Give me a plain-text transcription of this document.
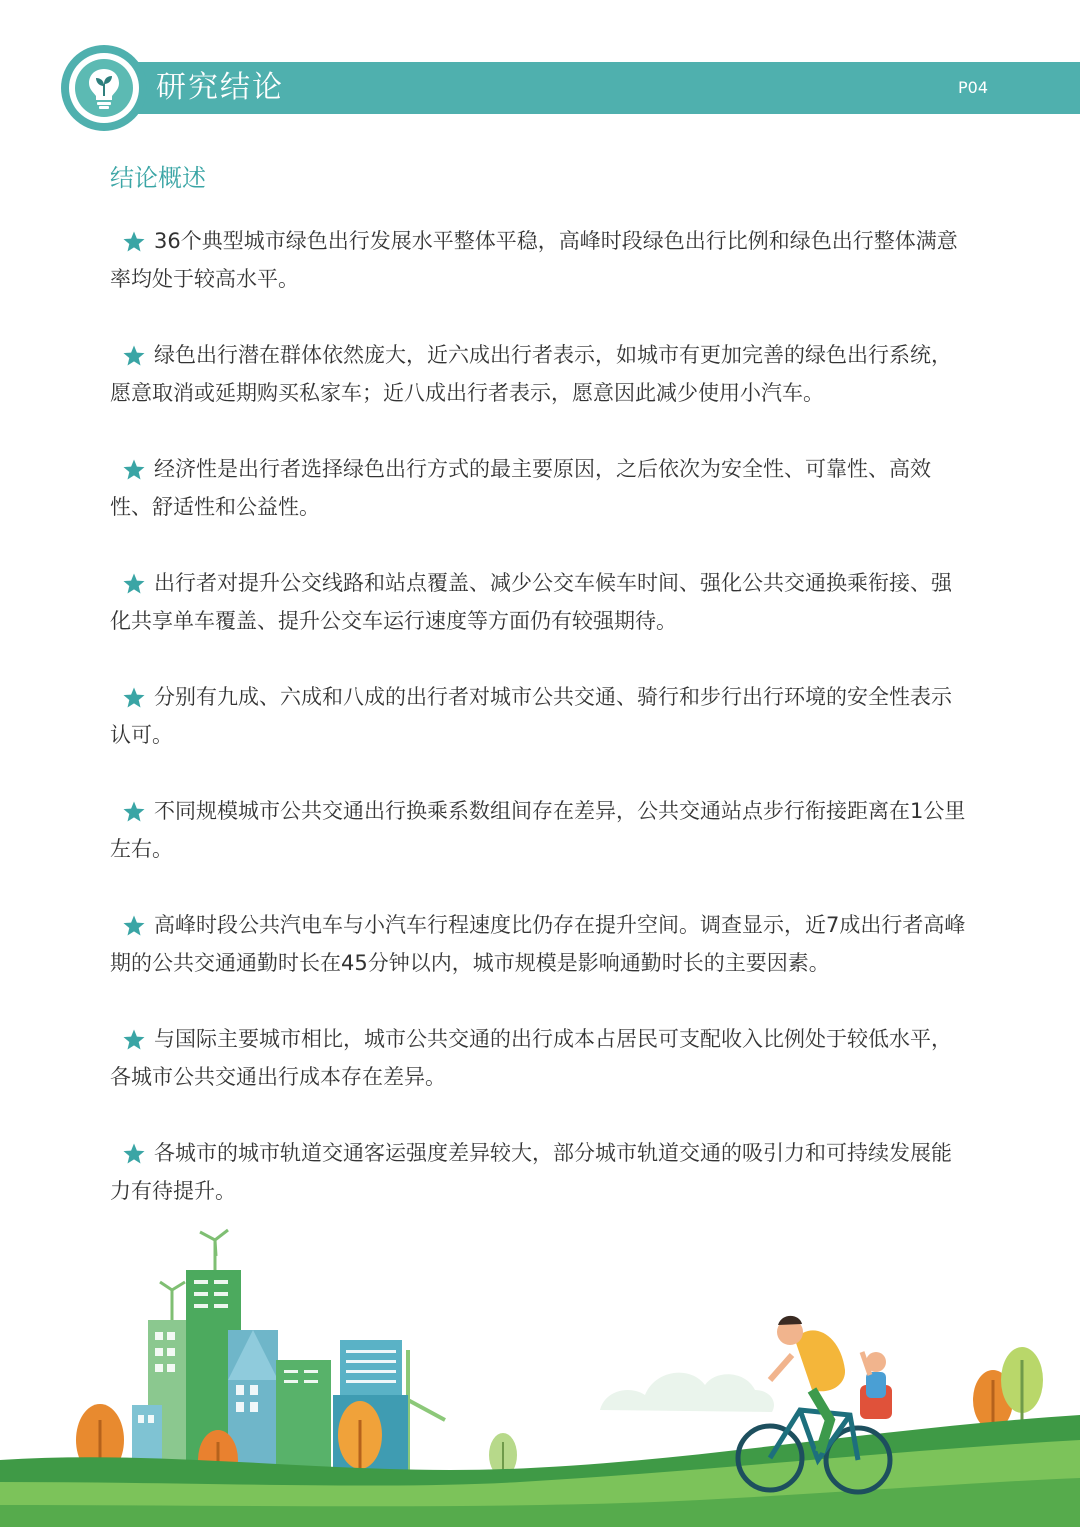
研究结论	P04
结论概述
36个典型城市绿色出行发展水平整体平稳，高峰时段绿色出行比例和绿色出行整体满意率均处于较高水平。
绿色出行潜在群体依然庞大，近六成出行者表示，如城市有更加完善的绿色出行系统，愿意取消或延期购买私家车；近八成出行者表示，愿意因此减少使用小汽车。
经济性是出行者选择绿色出行方式的最主要原因，之后依次为安全性、可靠性、高效性、舒适性和公益性。
出行者对提升公交线路和站点覆盖、减少公交车候车时间、强化公共交通换乘衔接、强化共享单车覆盖、提升公交车运行速度等方面仍有较强期待。
分别有九成、六成和八成的出行者对城市公共交通、骑行和步行出行环境的安全性表示认可。
不同规模城市公共交通出行换乘系数组间存在差异，公共交通站点步行衔接距离在1公里左右。
高峰时段公共汽电车与小汽车行程速度比仍存在提升空间。调查显示，近7成出行者高峰期的公共交通通勤时长在45分钟以内，城市规模是影响通勤时长的主要因素。
与国际主要城市相比，城市公共交通的出行成本占居民可支配收入比例处于较低水平，各城市公共交通出行成本存在差异。
各城市的城市轨道交通客运强度差异较大，部分城市轨道交通的吸引力和可持续发展能力有待提升。
